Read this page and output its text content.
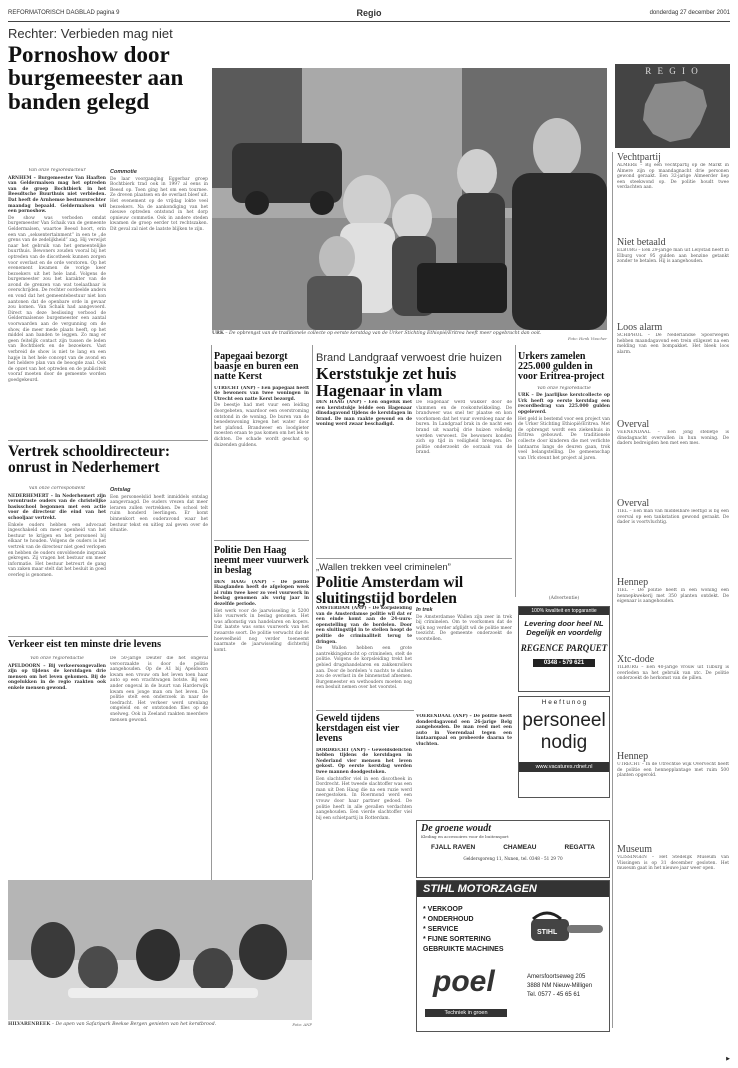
REFORMATORISCH DAGBLAD pagina 9	Regio	donderdag 27 december 2001
Rechter: Verbieden mag niet
Pornoshow door burgemeester aan banden gelegd
Van onze regioredacteur

ARNHEM – Burgemeester Van Haaften van Geldermalsen mag het optreden van de groep Bochtbierk in het Beesdtsche Buurthuis niet verbieden. Dat heeft de Arnhemse bestuursrechter maandag bepaald. Geldermalsen wil een pornoshow.

De show was verboden omdat burgemeester Van Schaik van de gemeente Geldermalsen, waartoe Beesd hoort, erin een van „seksentertainment” in een te „de grens van de zedelijkheid” zag. Hij verwijst naar het gebruik van het gemeentelijke buurthuis. Bewoners zouden vooral bij het optreden van de discotheek kunnen zorgen voor overlast en de orde verstoren. Op het evenement kwamen de vorige keer bezoekers uit het hele land. Volgens de burgemeester zou het karakter van de avond de grenzen van wat toelaatbaar is overschrijden. De rechter oordeelde anders en vond dat het gemeentebestuur niet kon aantonen dat de openbare orde in gevaar zou komen. Van Schaik had aangevoerd. Direct na deze beslissing verbood de Geldermalsense burgemeester een aantal voorwaarden aan de vergunning om de show, die meer mede plaats heeft, op het middel aan banden te leggen. Zo mag er geen feitelijk contact zijn tussen de leden van Bochtbierk en de bezoekers. Vast verbreid de show is niet te lang en een hapje in het hele concept van de avond en het heldere plan van de beoogde zaal. Ook de opzet van het optreden en de publiciteit vooraf moeten door de gemeente worden goedgekeurd.

Commotie

De laar voorganging Eggerbar groep Bochtbierk trad ook in 1997 al eens in Beesd op. Toen ging het om een tournee. Ze dreven plaatsen en de overlast bleef uit. Het evenement op de vrijdag lokte veel bezoekers. Na de aankondiging van het nieuwe optreden ontstond in het dorp opnieuw commotie. Ook in andere steden kwamen de groep eerder tot rechtszaken. Dit geval zal niet de laatste blijken te zijn.

URK – De opbrengst van de traditionele collecte op eerste kerstdag van de Urker Stichting Ethiopië/Eritrea heeft meer opgebracht dan ooit.
Foto: Henk Visscher
R E G I O
Vechtpartij
ALMERE – Bij een vechtpartij op de Markt in Almere zijn op maandagnacht drie personen gewond geraakt. Een 32-jarige Almeerder liep een steekwond op. De politie houdt twee verdachten aan.
Niet betaald
ELBURG – Een 29-jarige man uit Lelystad heeft in Elburg voor 95 gulden aan benzine getankt zonder te betalen. Hij is aangehouden.
Loos alarm
SCHIPHOL – De Nederlandse Spoorwegen hebben maandagavond een trein stilgezet na een melding van een bompakket. Het bleek loos alarm.
Overval
VEENENDAAL – Een jong stelletje is dinsdagnacht overvallen in hun woning. De daders bedreigden hen met een mes.
Overval
TIEL – Een man van middelbare leeftijd is bij een overval op een tankstation gewond geraakt. De dader is voortvluchtig.
Hennep
TIEL – De politie heeft in een woning een hennepkwekerij met 350 planten ontdekt. De eigenaar is aangehouden.
Xtc-dode
TILBURG – Een 40-jarige vrouw uit Tilburg is overleden na het gebruik van xtc. De politie onderzoekt de herkomst van de pillen.
Hennep
UTRECHT – In de Utrechtse wijk Overvecht heeft de politie een hennepplantage met ruim 500 planten opgerold.
Museum
VLISSINGEN – Het Stedelijk Museum van Vlissingen is op 31 december gesloten. Het museum gaat in het nieuwe jaar weer open.
Vertrek schooldirecteur: onrust in Nederhemert
Van onze correspondent

NEDERHEMERT – In Nederhemert zijn verontruste ouders van de christelijke basisschool begonnen met een actie voor de directeur die eind van het schooljaar vertrekt.

Enkele ouders hebben een advocaat ingeschakeld om meer openheid van het bestuur te krijgen en het personeel bij elkaar te houden. Volgens de ouders is het vertrek van de directeur niet goed verlopen en hebben de ouders onvoldoende inspraak gekregen. Zij vragen het bestuur om meer informatie. Het bestuur betreurt de gang van zaken maar stelt dat het besluit in goed overleg is genomen.

Ontslag

Een personeelslid heeft inmiddels ontslag aangevraagd. De ouders vrezen dat meer leraren zullen vertrekken. De school telt ruim honderd leerlingen. Er komt binnenkort een ouderavond waar het bestuur tekst en uitleg zal geven over de situatie.

Verkeer eist ten minste drie levens
Van onze regioredactie

APELDOORN – Bij verkeersongevallen zijn op tijdens de kerstdagen drie mensen om het leven gekomen. Bij de ongelukken in de regio raakten ook enkele mensen gewond.

De 50-jarige Deuter die het ongeval veroorzaakte is door de politie aangehouden. Op de A1 bij Apeldoorn kwam een vrouw om het leven toen haar auto op een vrachtwagen botste. Bij een ander ongeval in de buurt van Harderwijk kwam een jonge man om het leven. De politie stelt een onderzoek in naar de toedracht. Het verkeer werd urenlang omgeleid en er ontstonden files op de snelweg. Ook in Zeeland raakten meerdere mensen gewond.

Papegaai bezorgt baasje en buren een natte Kerst

UTRECHT (ANP) – Een papegaai heeft de bewoners van twee woningen in Utrecht een natte Kerst bezorgd.

De beestje had met vuur een leiding doorgebeten, waardoor een overstroming ontstond in de woning. De buren van de benedenwoning kregen het water door het plafond. Brandweer en loodgieter moesten eraan te pas komen om het lek te dichten. De schade wordt geschat op duizenden guldens.

Politie Den Haag neemt meer vuurwerk in beslag

DEN HAAG (ANP) – De politie Haaglanden heeft de afgelopen week al ruim twee keer zo veel vuurwerk in beslag genomen als vorig jaar in dezelfde periode.

Het werk voor de jaarwisseling is 5200 kilo vuurwerk in beslag genomen. Het was afkomstig van handelaren en kopers. Dat laatste was soms vuurwerk van het zwaarste soort. De politie verwacht dat de hoeveelheid nog verder toeneemt naarmate de jaarwisseling dichterbij komt.

Brand Landgraaf verwoest drie huizen
Kerststukje zet huis Hagenaar in vlam

DEN HAAG (ANP) – Een ongeluk met een kerststukje leidde een Hagenaar dinsdagavond tijdens de kerstdagen in brand. De man raakte gewond en de woning werd zwaar beschadigd.

De Hagenaar werd wakker door de vlammen en de rookontwikkeling. De brandweer was snel ter plaatse en kon voorkomen dat het vuur oversloeg naar de buren. In Landgraaf brak in de nacht een brand uit waarbij drie huizen volledig werden verwoest. De bewoners konden zich op tijd in veiligheid brengen. De politie onderzoekt de oorzaak van de brand.

Urkers zamelen 225.000 gulden in voor Eritrea-project
Van onze regioredactie

URK – De jaarlijkse kerstcollecte op Urk heeft op eerste kerstdag een recordbedrag van 225.000 gulden opgeleverd.

Het geld is bestemd voor een project van de Urker Stichting Ethiopië/Eritrea. Met de opbrengst wordt een ziekenhuis in Eritrea gebouwd. De traditionele collecte door kinderen die met verlichte lantaarns langs de deuren gaan, trok veel belangstelling. De gemeenschap van Urk steunt het project al jaren.

„Wallen trekken veel criminelen”
Politie Amsterdam wil sluitingstijd bordelen

AMSTERDAM (ANP) – De korpsleiding van de Amsterdamse politie wil dat er een einde komt aan de 24-uurs-openstelling van de bordelen. Door een sluitingstijd in te stellen hoopt de politie de criminaliteit terug te dringen.

De Wallen hebben een grote aantrekkingskracht op criminelen, stelt de politie. Volgens de korpsleiding trekt het gebied drugshandelaren en zakkenrollers aan. Door de bordelen 's nachts te sluiten zou de overlast in de binnenstad afnemen. Burgemeester en wethouders moeten nog een besluit nemen over het voorstel.

In trek

De Amsterdamse Wallen zijn zeer in trek bij criminelen. Om te voorkomen dat de wijk nog verder afglijdt wil de politie meer toezicht. De gemeente onderzoekt de voorstellen.

Geweld tijdens kerstdagen eist vier levens

DORDRECHT (ANP) – Geweldsdelicten hebben tijdens de kerstdagen in Nederland vier mensen het leven gekost. Op eerste kerstdag werden twee mannen doodgestoken.

Een slachtoffer viel in een discotheek in Dordrecht. Het tweede slachtoffer was een man uit Den Haag die na een ruzie werd neergestoken. In Roermond werd een vrouw door haar partner gedood. De politie heeft in alle gevallen verdachten aangehouden. Een vierde slachtoffer viel bij een schietpartij in Rotterdam.

VOERENDAAL (ANP) – De politie heeft donderdagavond een 26-jarige Belg aangehouden. De man reed met een auto in Voerendaal tegen een lantaarnpaal en probeerde daarna te vluchten.

(Advertentie)
100% kwaliteit en topgarantie
Levering door heel NL
Degelijk en voordelig
REGENCE PARQUET
0348 - 579 621
H e e f t u n o g
personeel
nodig
www.vacatures.rdnet.nl
De groene woudt
Kleding en accessoires voor de buitensport
FJALL RAVEN	CHAMEAU	REGATTA
Geldersgoreng 11, Nunen, tel. 0348 - 51 29 70
STIHL MOTORZAGEN
* VERKOOP
* ONDERHOUD
* SERVICE
* FIJNE SORTERING
GEBRUIKTE MACHINES
STIHL
poel
Techniek in groen
Amersfoortseweg 205
3888 NM Nieuw-Milligen
Tel. 0577 - 45 65 61
HILVARENBEEK – De apen van Safaripark Beekse Bergen genieten van het kerstbrood.	Foto: ANP
▶
